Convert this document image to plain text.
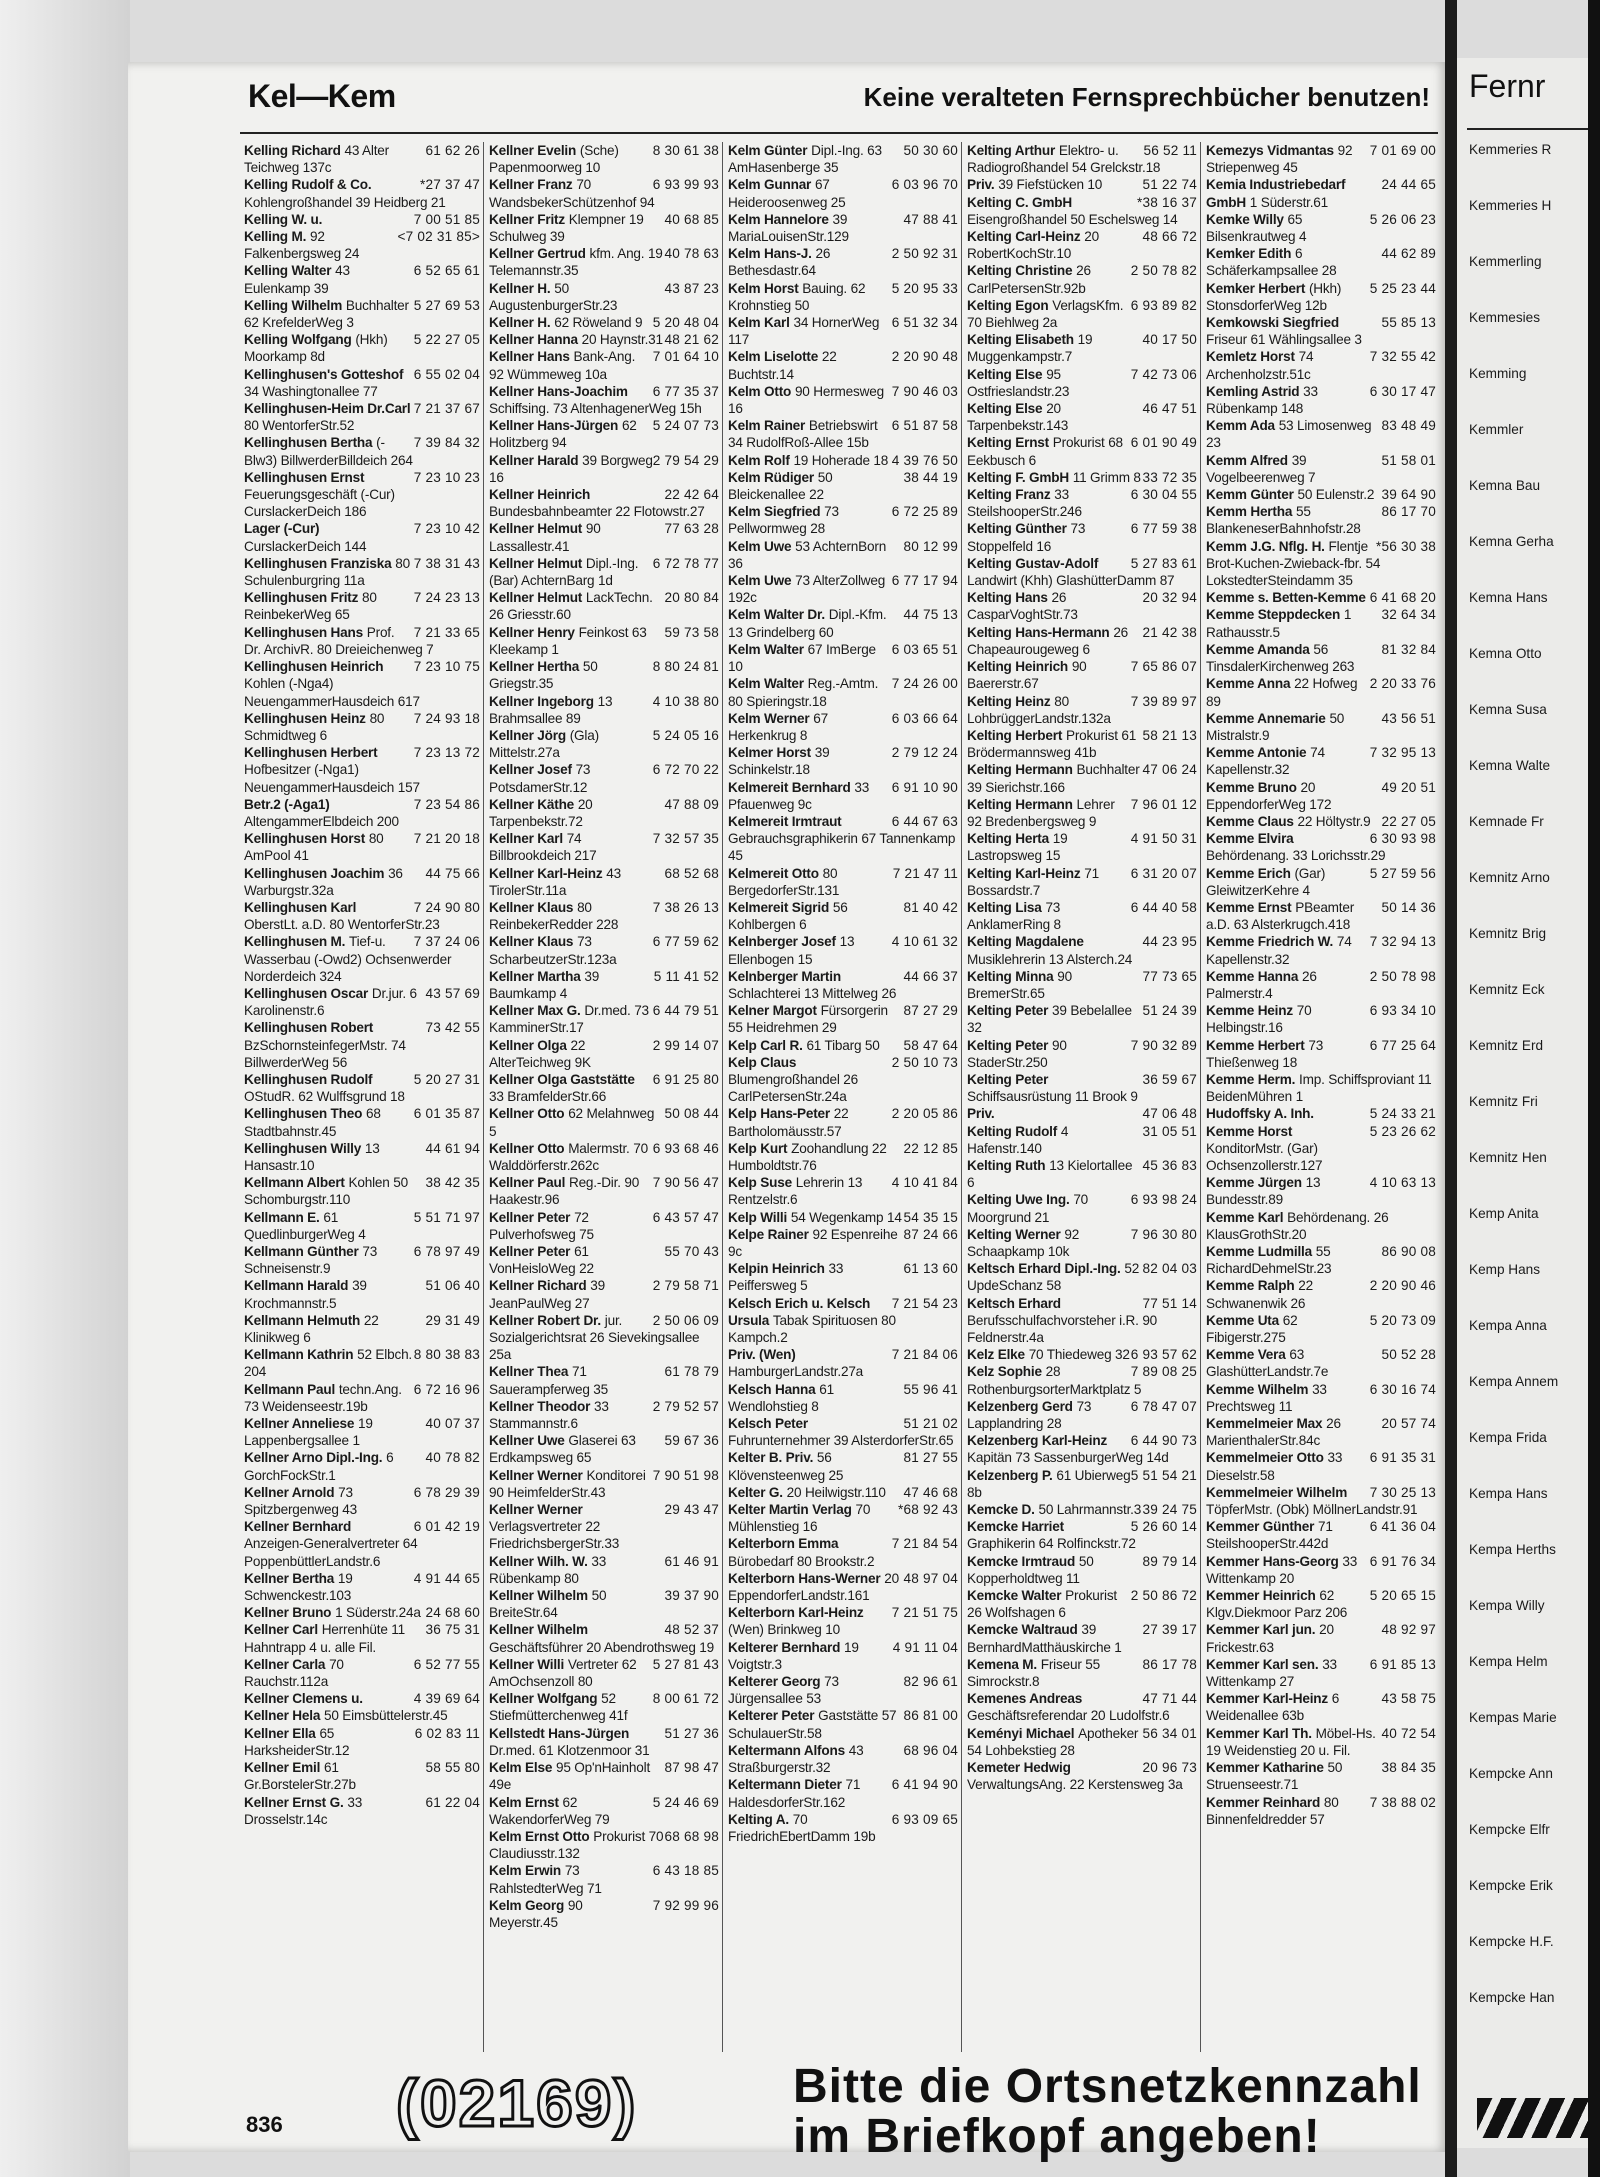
Kel—Kem	Keine veralteten Fernsprechbücher benutzen!
61 62 26
Kelling Richard 43 Alter Teichweg 137c
*27 37 47
Kelling Rudolf & Co. Kohlengroßhandel 39 Heidberg 21
7 00 51 85
Kelling W. u.
<7 02 31 85>
Kelling M. 92 Falkenbergsweg 24
6 52 65 61
Kelling Walter 43 Eulenkamp 39
5 27 69 53
Kelling Wilhelm Buchhalter 62 KrefelderWeg 3
5 22 27 05
Kelling Wolfgang (Hkh) Moorkamp 8d
6 55 02 04
Kellinghusen's Gotteshof 34 Washingtonallee 77
7 21 37 67
Kellinghusen-Heim Dr.Carl 80 WentorferStr.52
7 39 84 32
Kellinghusen Bertha (-Blw3) BillwerderBilldeich 264
7 23 10 23
Kellinghusen Ernst Feuerungsgeschäft (-Cur) CurslackerDeich 186
7 23 10 42
Lager (-Cur) CurslackerDeich 144
7 38 31 43
Kellinghusen Franziska 80 Schulenburgring 11a
7 24 23 13
Kellinghusen Fritz 80 ReinbekerWeg 65
7 21 33 65
Kellinghusen Hans Prof. Dr. ArchivR. 80 Dreieichenweg 7
7 23 10 75
Kellinghusen Heinrich Kohlen (-Nga4) NeuengammerHausdeich 617
7 24 93 18
Kellinghusen Heinz 80 Schmidtweg 6
7 23 13 72
Kellinghusen Herbert Hofbesitzer (-Nga1) NeuengammerHausdeich 157
7 23 54 86
Betr.2 (-Aga1) AltengammerElbdeich 200
7 21 20 18
Kellinghusen Horst 80 AmPool 41
44 75 66
Kellinghusen Joachim 36 Warburgstr.32a
7 24 90 80
Kellinghusen Karl OberstLt. a.D. 80 WentorferStr.23
7 37 24 06
Kellinghusen M. Tief-u. Wasserbau (-Owd2) Ochsenwerder Norderdeich 324
43 57 69
Kellinghusen Oscar Dr.jur. 6 Karolinenstr.6
73 42 55
Kellinghusen Robert BzSchornsteinfegerMstr. 74 BillwerderWeg 56
5 20 27 31
Kellinghusen Rudolf OStudR. 62 Wulffsgrund 18
6 01 35 87
Kellinghusen Theo 68 Stadtbahnstr.45
44 61 94
Kellinghusen Willy 13 Hansastr.10
38 42 35
Kellmann Albert Kohlen 50 Schomburgstr.110
5 51 71 97
Kellmann E. 61 QuedlinburgerWeg 4
6 78 97 49
Kellmann Günther 73 Schneisenstr.9
51 06 40
Kellmann Harald 39 Krochmannstr.5
29 31 49
Kellmann Helmuth 22 Klinikweg 6
8 80 38 83
Kellmann Kathrin 52 Elbch. 204
6 72 16 96
Kellmann Paul techn.Ang. 73 Weidenseestr.19b
40 07 37
Kellner Anneliese 19 Lappenbergsallee 1
40 78 82
Kellner Arno Dipl.-Ing. 6 GorchFockStr.1
6 78 29 39
Kellner Arnold 73 Spitzbergenweg 43
6 01 42 19
Kellner Bernhard Anzeigen-Generalvertreter 64 PoppenbüttlerLandstr.6
4 91 44 65
Kellner Bertha 19 Schwenckestr.103
24 68 60
Kellner Bruno 1 Süderstr.24a
36 75 31
Kellner Carl Herrenhüte 11 Hahntrapp 4 u. alle Fil.
6 52 77 55
Kellner Carla 70 Rauchstr.112a
4 39 69 64
Kellner Clemens u.
Kellner Hela 50 Eimsbüttelerstr.45
6 02 83 11
Kellner Ella 65 HarksheiderStr.12
58 55 80
Kellner Emil 61 Gr.BorstelerStr.27b
61 22 04
Kellner Ernst G. 33 Drosselstr.14c
8 30 61 38
Kellner Evelin (Sche) Papenmoorweg 10
6 93 99 93
Kellner Franz 70 WandsbekerSchützenhof 94
40 68 85
Kellner Fritz Klempner 19 Schulweg 39
40 78 63
Kellner Gertrud kfm. Ang. 19 Telemannstr.35
43 87 23
Kellner H. 50 AugustenburgerStr.23
5 20 48 04
Kellner H. 62 Röweland 9
48 21 62
Kellner Hanna 20 Haynstr.31
7 01 64 10
Kellner Hans Bank-Ang. 92 Wümmeweg 10a
6 77 35 37
Kellner Hans-Joachim Schiffsing. 73 AltenhagenerWeg 15h
5 24 07 73
Kellner Hans-Jürgen 62 Holitzberg 94
2 79 54 29
Kellner Harald 39 Borgweg 16
22 42 64
Kellner Heinrich Bundesbahnbeamter 22 Flotowstr.27
77 63 28
Kellner Helmut 90 Lassallestr.41
6 72 78 77
Kellner Helmut Dipl.-Ing. (Bar) AchternBarg 1d
20 80 84
Kellner Helmut LackTechn. 26 Griesstr.60
59 73 58
Kellner Henry Feinkost 63 Kleekamp 1
8 80 24 81
Kellner Hertha 50 Griegstr.35
4 10 38 80
Kellner Ingeborg 13 Brahmsallee 89
5 24 05 16
Kellner Jörg (Gla) Mittelstr.27a
6 72 70 22
Kellner Josef 73 PotsdamerStr.12
47 88 09
Kellner Käthe 20 Tarpenbekstr.72
7 32 57 35
Kellner Karl 74 Billbrookdeich 217
68 52 68
Kellner Karl-Heinz 43 TirolerStr.11a
7 38 26 13
Kellner Klaus 80 ReinbekerRedder 228
6 77 59 62
Kellner Klaus 73 ScharbeutzerStr.123a
5 11 41 52
Kellner Martha 39 Baumkamp 4
6 44 79 51
Kellner Max G. Dr.med. 73 KamminerStr.17
2 99 14 07
Kellner Olga 22 AlterTeichweg 9K
6 91 25 80
Kellner Olga Gaststätte 33 BramfelderStr.66
50 08 44
Kellner Otto 62 Melahnweg 5
6 93 68 46
Kellner Otto Malermstr. 70 Walddörferstr.262c
7 90 56 47
Kellner Paul Reg.-Dir. 90 Haakestr.96
6 43 57 47
Kellner Peter 72 Pulverhofsweg 75
55 70 43
Kellner Peter 61 VonHeisloWeg 22
2 79 58 71
Kellner Richard 39 JeanPaulWeg 27
2 50 06 09
Kellner Robert Dr. jur. Sozialgerichtsrat 26 Sievekingsallee 25a
61 78 79
Kellner Thea 71 Sauerampferweg 35
2 79 52 57
Kellner Theodor 33 Stammannstr.6
59 67 36
Kellner Uwe Glaserei 63 Erdkampsweg 65
7 90 51 98
Kellner Werner Konditorei 90 HeimfelderStr.43
29 43 47
Kellner Werner Verlagsvertreter 22 FriedrichsbergerStr.33
61 46 91
Kellner Wilh. W. 33 Rübenkamp 80
39 37 90
Kellner Wilhelm 50 BreiteStr.64
48 52 37
Kellner Wilhelm Geschäftsführer 20 Abendrothsweg 19
5 27 81 43
Kellner Willi Vertreter 62 AmOchsenzoll 80
8 00 61 72
Kellner Wolfgang 52 Stiefmütterchenweg 41f
51 27 36
Kellstedt Hans-Jürgen Dr.med. 61 Klotzenmoor 31
87 98 47
Kelm Else 95 Op'nHainholt 49e
5 24 46 69
Kelm Ernst 62 WakendorferWeg 79
68 68 98
Kelm Ernst Otto Prokurist 70 Claudiusstr.132
6 43 18 85
Kelm Erwin 73 RahlstedterWeg 71
7 92 99 96
Kelm Georg 90 Meyerstr.45
50 30 60
Kelm Günter Dipl.-Ing. 63 AmHasenberge 35
6 03 96 70
Kelm Gunnar 67 Heideroosenweg 25
47 88 41
Kelm Hannelore 39 MariaLouisenStr.129
2 50 92 31
Kelm Hans-J. 26 Bethesdastr.64
5 20 95 33
Kelm Horst Bauing. 62 Krohnstieg 50
6 51 32 34
Kelm Karl 34 HornerWeg 117
2 20 90 48
Kelm Liselotte 22 Buchtstr.14
7 90 46 03
Kelm Otto 90 Hermesweg 16
6 51 87 58
Kelm Rainer Betriebswirt 34 RudolfRoß-Allee 15b
4 39 76 50
Kelm Rolf 19 Hoherade 18
38 44 19
Kelm Rüdiger 50 Bleickenallee 22
6 72 25 89
Kelm Siegfried 73 Pellwormweg 28
80 12 99
Kelm Uwe 53 AchternBorn 36
6 77 17 94
Kelm Uwe 73 AlterZollweg 192c
44 75 13
Kelm Walter Dr. Dipl.-Kfm. 13 Grindelberg 60
6 03 65 51
Kelm Walter 67 ImBerge 10
7 24 26 00
Kelm Walter Reg.-Amtm. 80 Spieringstr.18
6 03 66 64
Kelm Werner 67 Herkenkrug 8
2 79 12 24
Kelmer Horst 39 Schinkelstr.18
6 91 10 90
Kelmereit Bernhard 33 Pfauenweg 9c
6 44 67 63
Kelmereit Irmtraut Gebrauchsgraphikerin 67 Tannenkamp 45
7 21 47 11
Kelmereit Otto 80 BergedorferStr.131
81 40 42
Kelmereit Sigrid 56 Kohlbergen 6
4 10 61 32
Kelnberger Josef 13 Ellenbogen 15
44 66 37
Kelnberger Martin Schlachterei 13 Mittelweg 26
87 27 29
Kelner Margot Fürsorgerin 55 Heidrehmen 29
58 47 64
Kelp Carl R. 61 Tibarg 50
2 50 10 73
Kelp Claus Blumengroßhandel 26 CarlPetersenStr.24a
2 20 05 86
Kelp Hans-Peter 22 Bartholomäusstr.57
22 12 85
Kelp Kurt Zoohandlung 22 Humboldtstr.76
4 10 41 84
Kelp Suse Lehrerin 13 Rentzelstr.6
54 35 15
Kelp Willi 54 Wegenkamp 14
87 24 66
Kelpe Rainer 92 Espenreihe 9c
61 13 60
Kelpin Heinrich 33 Peiffersweg 5
7 21 54 23
Kelsch Erich u. Kelsch Ursula Tabak Spirituosen 80 Kampch.2
7 21 84 06
Priv. (Wen) HamburgerLandstr.27a
55 96 41
Kelsch Hanna 61 Wendlohstieg 8
51 21 02
Kelsch Peter Fuhrunternehmer 39 AlsterdorferStr.65
81 27 55
Kelter B. Priv. 56 Klövensteenweg 25
47 46 68
Kelter G. 20 Heilwigstr.110
*68 92 43
Kelter Martin Verlag 70 Mühlenstieg 16
7 21 84 54
Kelterborn Emma Bürobedarf 80 Brookstr.2
48 97 04
Kelterborn Hans-Werner 20 EppendorferLandstr.161
7 21 51 75
Kelterborn Karl-Heinz (Wen) Brinkweg 10
4 91 11 04
Kelterer Bernhard 19 Voigtstr.3
82 96 61
Kelterer Georg 73 Jürgensallee 53
86 81 00
Kelterer Peter Gaststätte 57 SchulauerStr.58
68 96 04
Keltermann Alfons 43 Straßburgerstr.32
6 41 94 90
Keltermann Dieter 71 HaldesdorferStr.162
6 93 09 65
Kelting A. 70 FriedrichEbertDamm 19b
56 52 11
Kelting Arthur Elektro- u. Radiogroßhandel 54 Grelckstr.18
51 22 74
Priv. 39 Fiefstücken 10
*38 16 37
Kelting C. GmbH Eisengroßhandel 50 Eschelsweg 14
48 66 72
Kelting Carl-Heinz 20 RobertKochStr.10
2 50 78 82
Kelting Christine 26 CarlPetersenStr.92b
6 93 89 82
Kelting Egon VerlagsKfm. 70 Biehlweg 2a
40 17 50
Kelting Elisabeth 19 Muggenkampstr.7
7 42 73 06
Kelting Else 95 Ostfrieslandstr.23
46 47 51
Kelting Else 20 Tarpenbekstr.143
6 01 90 49
Kelting Ernst Prokurist 68 Eekbusch 6
33 72 35
Kelting F. GmbH 11 Grimm 8
6 30 04 55
Kelting Franz 33 SteilshooperStr.246
6 77 59 38
Kelting Günther 73 Stoppelfeld 16
5 27 83 61
Kelting Gustav-Adolf Landwirt (Khh) GlashütterDamm 87
20 32 94
Kelting Hans 26 CasparVoghtStr.73
21 42 38
Kelting Hans-Hermann 26 Chapeaurougeweg 6
7 65 86 07
Kelting Heinrich 90 Baererstr.67
7 39 89 97
Kelting Heinz 80 LohbrüggerLandstr.132a
58 21 13
Kelting Herbert Prokurist 61 Brödermannsweg 41b
47 06 24
Kelting Hermann Buchhalter 39 Sierichstr.166
7 96 01 12
Kelting Hermann Lehrer 92 Bredenbergsweg 9
4 91 50 31
Kelting Herta 19 Lastropsweg 15
6 31 20 07
Kelting Karl-Heinz 71 Bossardstr.7
6 44 40 58
Kelting Lisa 73 AnklamerRing 8
44 23 95
Kelting Magdalene Musiklehrerin 13 Alsterch.24
77 73 65
Kelting Minna 90 BremerStr.65
51 24 39
Kelting Peter 39 Bebelallee 32
7 90 32 89
Kelting Peter 90 StaderStr.250
36 59 67
Kelting Peter Schiffsausrüstung 11 Brook 9
47 06 48
Priv.
31 05 51
Kelting Rudolf 4 Hafenstr.140
45 36 83
Kelting Ruth 13 Kielortallee 6
6 93 98 24
Kelting Uwe Ing. 70 Moorgrund 21
7 96 30 80
Kelting Werner 92 Schaapkamp 10k
82 04 03
Keltsch Erhard Dipl.-Ing. 52 UpdeSchanz 58
77 51 14
Keltsch Erhard Berufsschulfachvorsteher i.R. 90 Feldnerstr.4a
6 93 57 62
Kelz Elke 70 Thiedeweg 32
7 89 08 25
Kelz Sophie 28 RothenburgsorterMarktplatz 5
6 78 47 07
Kelzenberg Gerd 73 Lapplandring 28
6 44 90 73
Kelzenberg Karl-Heinz Kapitän 73 SassenburgerWeg 14d
5 51 54 21
Kelzenberg P. 61 Ubierweg 8b
39 24 75
Kemcke D. 50 Lahrmannstr.3
5 26 60 14
Kemcke Harriet Graphikerin 64 Rolfinckstr.72
89 79 14
Kemcke Irmtraud 50 Kopperholdtweg 11
2 50 86 72
Kemcke Walter Prokurist 26 Wolfshagen 6
27 39 17
Kemcke Waltraud 39 BernhardMatthäuskirche 1
86 17 78
Kemena M. Friseur 55 Simrockstr.8
47 71 44
Kemenes Andreas Geschäftsreferendar 20 Ludolfstr.6
56 34 01
Keményi Michael Apotheker 54 Lohbekstieg 28
20 96 73
Kemeter Hedwig VerwaltungsAng. 22 Kerstensweg 3a
7 01 69 00
Kemezys Vidmantas 92 Striepenweg 45
24 44 65
Kemia Industriebedarf GmbH 1 Süderstr.61
5 26 06 23
Kemke Willy 65 Bilsenkrautweg 4
44 62 89
Kemker Edith 6 Schäferkampsallee 28
5 25 23 44
Kemker Herbert (Hkh) StonsdorferWeg 12b
55 85 13
Kemkowski Siegfried Friseur 61 Wählingsallee 3
7 32 55 42
Kemletz Horst 74 Archenholzstr.51c
6 30 17 47
Kemling Astrid 33 Rübenkamp 148
83 48 49
Kemm Ada 53 Limosenweg 23
51 58 01
Kemm Alfred 39 Vogelbeerenweg 7
39 64 90
Kemm Günter 50 Eulenstr.2
86 17 70
Kemm Hertha 55 BlankeneserBahnhofstr.28
*56 30 38
Kemm J.G. Nflg. H. Flentje Brot-Kuchen-Zwieback-fbr. 54 LokstedterSteindamm 35
6 41 68 20
Kemme s. Betten-Kemme
32 64 34
Kemme Steppdecken 1 Rathausstr.5
81 32 84
Kemme Amanda 56 TinsdalerKirchenweg 263
2 20 33 76
Kemme Anna 22 Hofweg 89
43 56 51
Kemme Annemarie 50 Mistralstr.9
7 32 95 13
Kemme Antonie 74 Kapellenstr.32
49 20 51
Kemme Bruno 20 EppendorferWeg 172
22 27 05
Kemme Claus 22 Höltystr.9
6 30 93 98
Kemme Elvira Behördenang. 33 Lorichsstr.29
5 27 59 56
Kemme Erich (Gar) GleiwitzerKehre 4
50 14 36
Kemme Ernst PBeamter a.D. 63 Alsterkrugch.418
7 32 94 13
Kemme Friedrich W. 74 Kapellenstr.32
2 50 78 98
Kemme Hanna 26 Palmerstr.4
6 93 34 10
Kemme Heinz 70 Helbingstr.16
6 77 25 64
Kemme Herbert 73 Thießenweg 18
Kemme Herm. Imp. Schiffsproviant 11 BeidenMühren 1
5 24 33 21
Hudoffsky A. Inh.
5 23 26 62
Kemme Horst KonditorMstr. (Gar) Ochsenzollerstr.127
4 10 63 13
Kemme Jürgen 13 Bundesstr.89
Kemme Karl Behördenang. 26 KlausGrothStr.20
86 90 08
Kemme Ludmilla 55 RichardDehmelStr.23
2 20 90 46
Kemme Ralph 22 Schwanenwik 26
5 20 73 09
Kemme Uta 62 Fibigerstr.275
50 52 28
Kemme Vera 63 GlashütterLandstr.7e
6 30 16 74
Kemme Wilhelm 33 Prechtsweg 11
20 57 74
Kemmelmeier Max 26 MarienthalerStr.84c
6 91 35 31
Kemmelmeier Otto 33 Dieselstr.58
7 30 25 13
Kemmelmeier Wilhelm TöpferMstr. (Obk) MöllnerLandstr.91
6 41 36 04
Kemmer Günther 71 SteilshooperStr.442d
6 91 76 34
Kemmer Hans-Georg 33 Wittenkamp 20
5 20 65 15
Kemmer Heinrich 62 Klgv.Diekmoor Parz 206
48 92 97
Kemmer Karl jun. 20 Frickestr.63
6 91 85 13
Kemmer Karl sen. 33 Wittenkamp 27
43 58 75
Kemmer Karl-Heinz 6 Weidenallee 63b
40 72 54
Kemmer Karl Th. Möbel-Hs. 19 Weidenstieg 20 u. Fil.
38 84 35
Kemmer Katharine 50 Struenseestr.71
7 38 88 02
Kemmer Reinhard 80 Binnenfeldredder 57
836 (02169)	Bitte die Ortsnetzkennzahl
im Briefkopf angeben!
Fernr
Kemmeries R
Kemmeries H
Kemmerling
Kemmesies
Kemming
Kemmler
Kemna Bau
Kemna Gerha
Kemna Hans
Kemna Otto
Kemna Susa
Kemna Walte
Kemnade Fr
Kemnitz Arno
Kemnitz Brig
Kemnitz Eck
Kemnitz Erd
Kemnitz Fri
Kemnitz Hen
Kemp Anita
Kemp Hans
Kempa Anna
Kempa Annem
Kempa Frida
Kempa Hans
Kempa Herths
Kempa Willy
Kempa Helm
Kempas Marie
Kempcke Ann
Kempcke Elfr
Kempcke Erik
Kempcke H.F.
Kempcke Han
